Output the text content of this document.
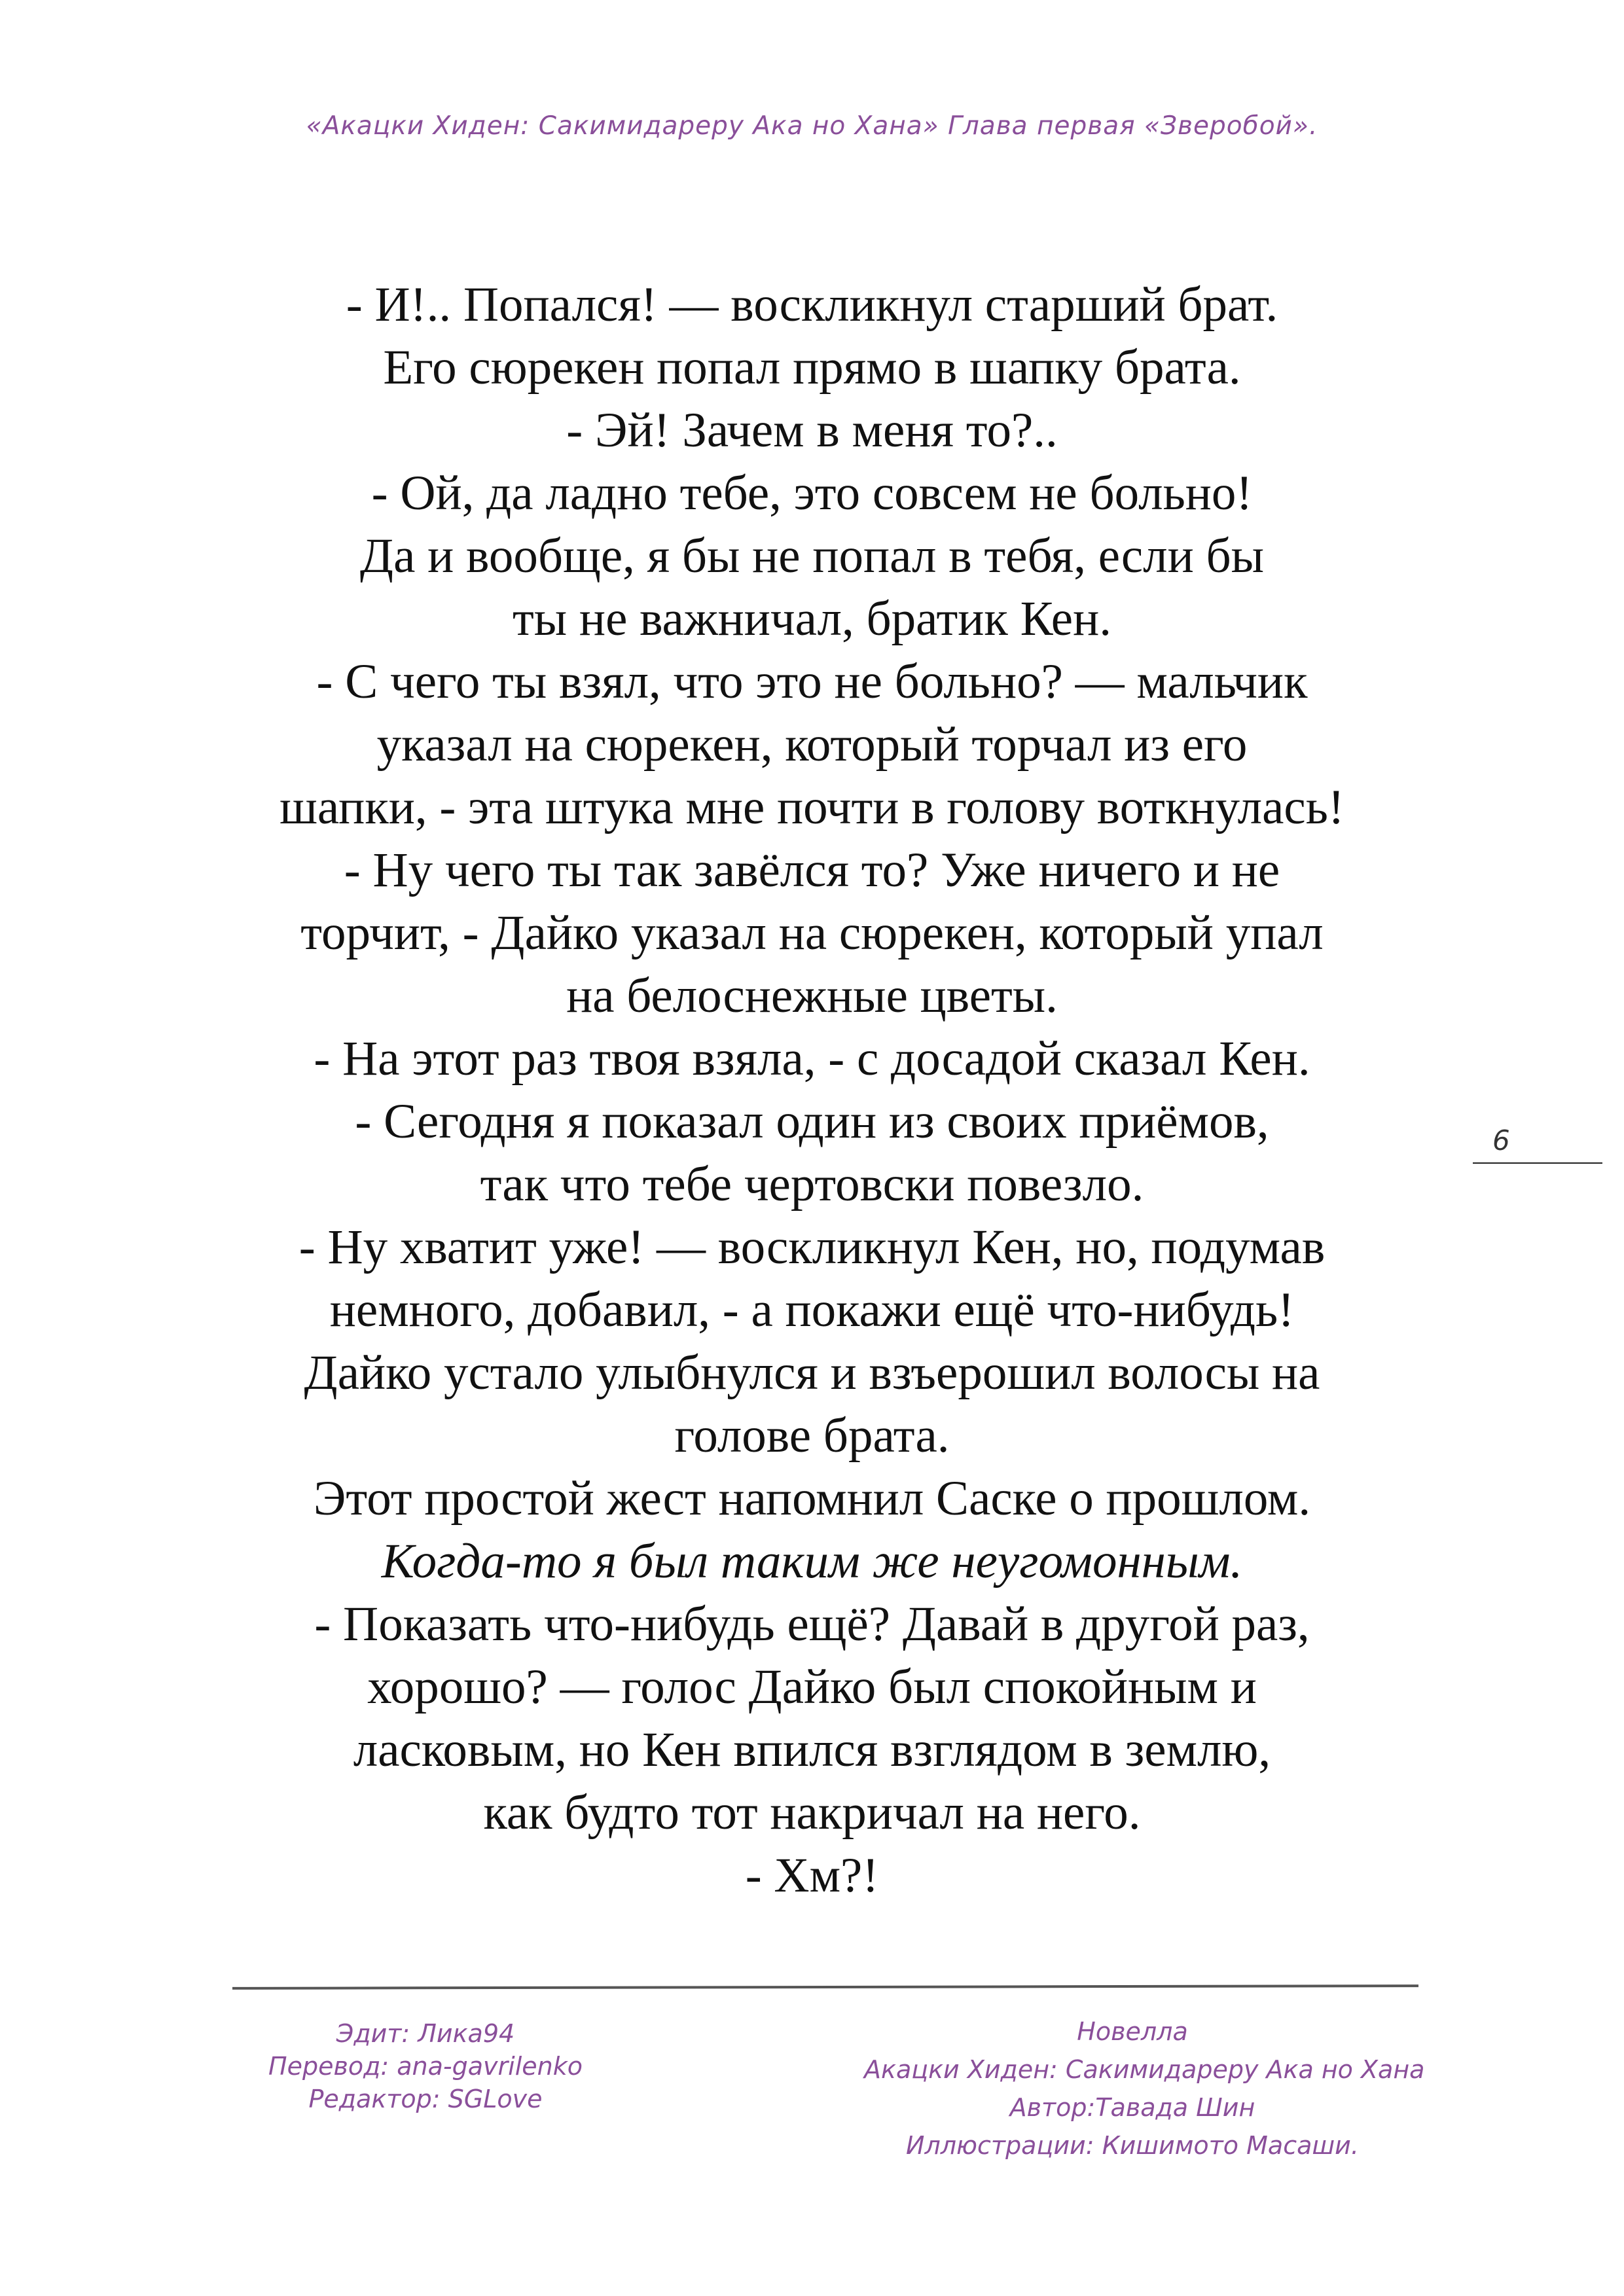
«Акацки Хиден: Сакимидареру Ака но Хана» Глава первая «Зверобой».
- И!.. Попался! — воскликнул старший брат.
Его сюрекен попал прямо в шапку брата.
- Эй! Зачем в меня то?..
- Ой, да ладно тебе, это совсем не больно!
Да и вообще, я бы не попал в тебя, если бы
ты не важничал, братик Кен.
- С чего ты взял, что это не больно? — мальчик
указал на сюрекен, который торчал из его
шапки, - эта штука мне почти в голову воткнулась!
- Ну чего ты так завёлся то? Уже ничего и не
торчит, - Дайко указал на сюрекен, который упал
на белоснежные цветы.
- На этот раз твоя взяла, - с досадой сказал Кен.
- Сегодня я показал один из своих приёмов,
так что тебе чертовски повезло.
- Ну хватит уже! — воскликнул Кен, но, подумав
немного, добавил, - а покажи ещё что-нибудь!
Дайко устало улыбнулся и взъерошил волосы на
голове брата.
Этот простой жест напомнил Саске о прошлом.
Когда-то я был таким же неугомонным.
- Показать что-нибудь ещё? Давай в другой раз,
хорошо? — голос Дайко был спокойным и
ласковым, но Кен впился взглядом в землю,
как будто тот накричал на него.
- Хм?!
6
Эдит: Лика94
Перевод: ana-gavrilenko
Редактор: SGLove
Новелла
Акацки Хиден: Сакимидареру Ака но Хана
Автор:Тавада Шин
Иллюстрации: Кишимото Масаши.
